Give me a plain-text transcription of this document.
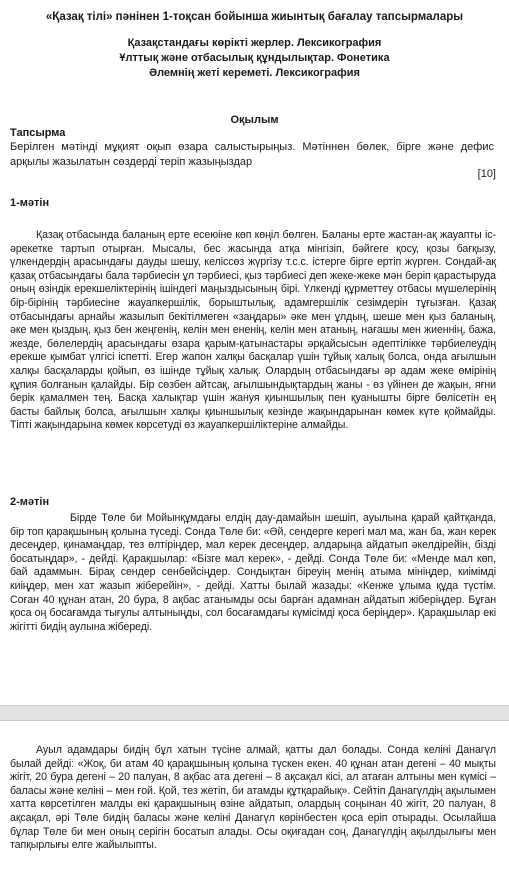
«Қазақ тілі» пәнінен 1-тоқсан бойынша жиынтық бағалау тапсырмалары
Қазақстандағы көрікті жерлер. Лексикография
Ұлттық және отбасылық құндылықтар. Фонетика
Әлемнің жеті кереметі. Лексикография
Оқылым
Тапсырма
Берілген мәтінді мұқият оқып өзара салыстырыңыз. Мәтіннен бөлек, бірге және дефис арқылы жазылатын сөздерді теріп жазыңыздар
[10]
1-мәтін
Қазақ отбасында баланың ерте есеюіне көп көңіл бөлген. Баланы ерте жастан-ақ жауапты іс-әрекетке тартып отырған. Мысалы, бес жасында атқа мінгізіп, бәйгеге қосу, қозы бағқызу, үлкендердің арасындағы дауды шешу, келіссөз жүргізу т.с.с. істерге бірге ертіп жүрген. Сондай-ақ қазақ отбасындағы бала тәрбиесін ұл тәрбиесі, қыз тәрбиесі деп жеке-жеке мән беріп қарастыруда оның өзіндік ерекшеліктерінің ішіндегі маңыздысының бірі. Үлкенді құрметтеу отбасы мүшелерінің бір-бірінің тәрбиесіне жауапкершілік, борыштылық, адамгершілік сезімдерін тұғызған. Қазақ отбасындағы арнайы жазылып бекітілмеген «заңдары» әке мен ұлдың, шеше мен қыз баланың, әке мен қыздың, қыз бен жеңгенің, келін мен ененің, келін мен атаның, нағашы мен жиеннің, бажа, жезде, бөлелердің арасындағы өзара қарым-қатынастары әрқайсысын әдептілікке тәрбиелеудің ерекше қымбат үлгісі іспетті. Егер жапон халқы басқалар үшін тұйық халық болса, онда ағылшын халқы басқаларды қойып, өз ішінде тұйық халық. Олардың отбасындағы әр адам жеке өмірінің құпия болғанын қалайды. Бір сөзбен айтсақ, ағылшындықтардың жаны - өз үйінен де жақын, яғни берік қамалмен тең. Басқа халықтар үшін жануя қиыншылық пен қуанышты бірге бөлісетін ең басты байлық болса, ағылшын халқы қиыншылық кезінде жақындарынан көмек күте қоймайды. Тіпті жақындарына көмек көрсетуді өз жауапкершіліктеріне алмайды.
2-мәтін
Бірде Төле би Мойынқұмдағы елдің дау-дамайын шешіп, ауылына қарай қайтқанда, бір топ қарақшының қолына түседі. Сонда Төле би: «Әй, сендерге керегі мал ма, жан ба, жан керек десеңдер, қинамаңдар, тез өлтіріңдер, мал керек десеңдер, алдарыңа айдатып әкелдірейін, бізді босатыңдар», - дейді. Қарақшылар: «Бізге мал керек», - дейді. Сонда Төле би: «Менде мал көп, бай адаммын. Бірақ сендер сенбейсіңдер. Сондықтан біреуің менің атыма мініңдер, киімімді киіңдер, мен хат жазып жіберейін», - дейді. Хатты былай жазады: «Кенже ұлыма құда түстім. Соған 40 құнан атан, 20 бура, 8 ақбас атанымды осы барған адамнан айдатып жіберіңдер. Бұған қоса оң босағамда тығулы алтыныңды, сол босағамдағы күмісімді қоса беріңдер». Қарақшылар екі жігітті бидің аулына жібереді.
Ауыл адамдары бидің бұл хатын түсіне алмай, қатты дал болады. Сонда келіні Данагүл былай дейді: «Жоқ, би атам 40 қарақшының қолына түскен екен. 40 құнан атан дегені – 40 мықты жігіт, 20 бура дегені – 20 палуан, 8 ақбас ата дегені – 8 ақсақал кісі, ал атаған алтыны мен күмісі – баласы және келіні – мен ғой. Қой, тез жетіп, би атамды құтқарайық». Сейтіп Данагүлдің ақылымен хатта көрсетілген малды екі қарақшының өзіне айдатып, олардың соңынан 40 жігіт, 20 палуан, 8 ақсақал, әрі Төле бидің баласы және келіні Данагүл көрінбестен қоса еріп отырады. Осылайша бұлар Төле би мен оның серігін босатып алады. Осы оқиғадан соң, Данагүлдің ақылдылығы мен тапқырлығы елге жайылыпты.
